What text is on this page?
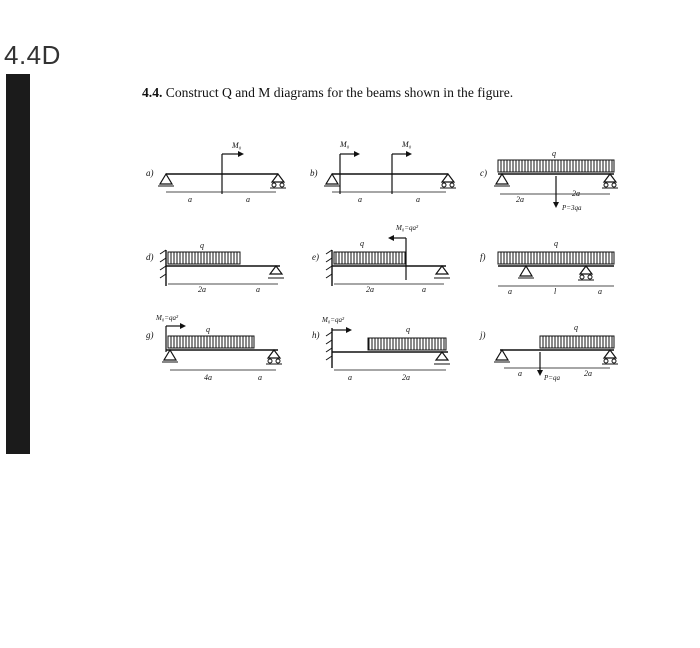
4.4D
4.4. Construct Q and M diagrams for the beams shown in the figure.
a)
M₀
a	a
b)
M₀	M₀
a	a
c)
q
2a
2a
P=3qa
d)
q
2a	a
e)
q
M₀=qa²
2a	a
f)
q
a	l	a
g)
M₀=qa²
q
4a	a
h)
M₀=qa²
q
a	2a
j)
q
a	P=qa	2a
